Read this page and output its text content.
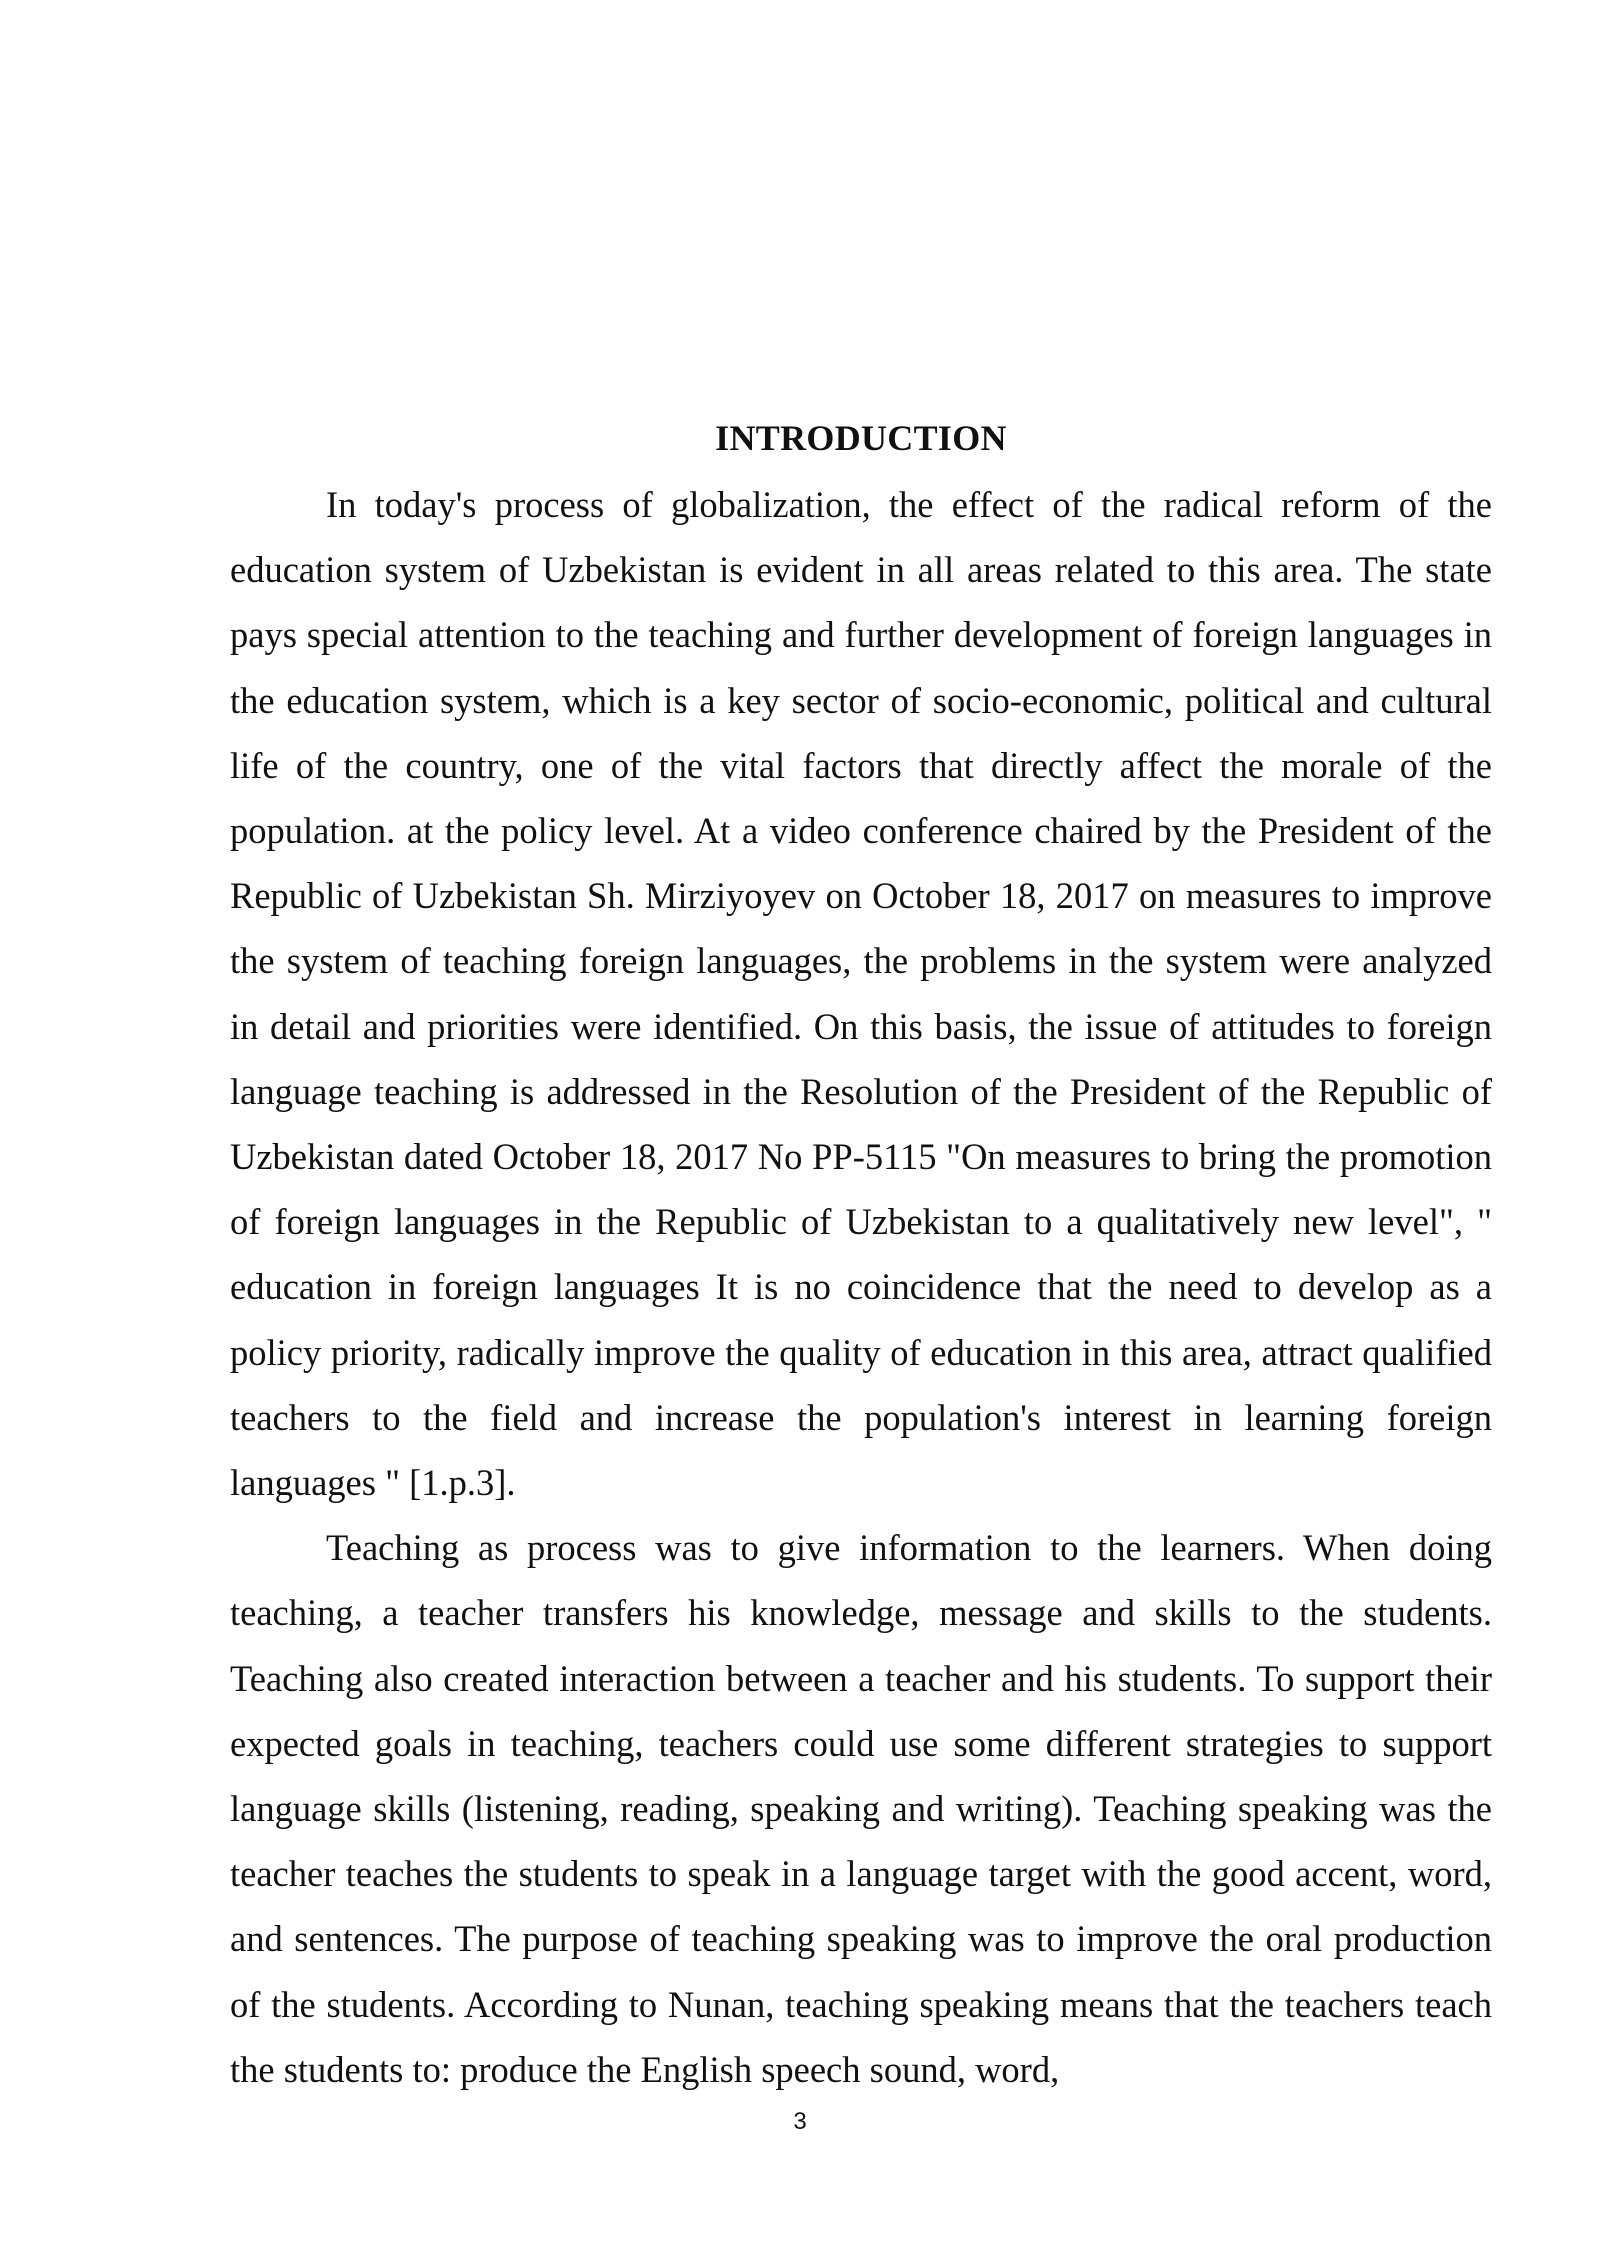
INTRODUCTION

In today's process of globalization, the effect of the radical reform of the education system of Uzbekistan is evident in all areas related to this area. The state pays special attention to the teaching and further development of foreign languages in the education system, which is a key sector of socio-economic, political and cultural life of the country, one of the vital factors that directly affect the morale of the population. at the policy level. At a video conference chaired by the President of the Republic of Uzbekistan Sh. Mirziyoyev on October 18, 2017 on measures to improve the system of teaching foreign languages, the problems in the system were analyzed in detail and priorities were identified. On this basis, the issue of attitudes to foreign language teaching is addressed in the Resolution of the President of the Republic of Uzbekistan dated October 18, 2017 No PP-5115 "On measures to bring the promotion of foreign languages in the Republic of Uzbekistan to a qualitatively new level", " education in foreign languages It is no coincidence that the need to develop as a policy priority, radically improve the quality of education in this area, attract qualified teachers to the field and increase the population's interest in learning foreign languages " [1.p.3].

Teaching as process was to give information to the learners. When doing teaching, a teacher transfers his knowledge, message and skills to the students. Teaching also created interaction between a teacher and his students. To support their expected goals in teaching, teachers could use some different strategies to support language skills (listening, reading, speaking and writing). Teaching speaking was the teacher teaches the students to speak in a language target with the good accent, word, and sentences. The purpose of teaching speaking was to improve the oral production of the students. According to Nunan, teaching speaking means that the teachers teach the students to: produce the English speech sound, word,

3
